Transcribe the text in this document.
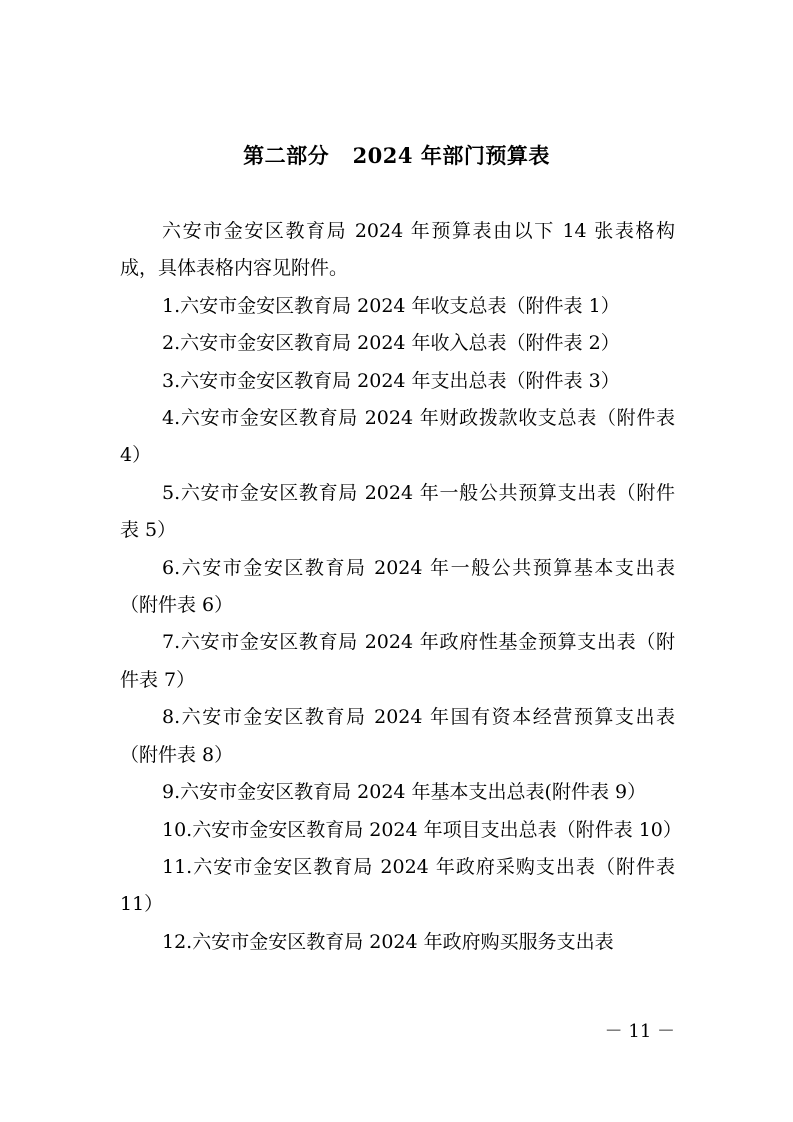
第二部分   2024 年部门预算表

六安市金安区教育局 2024 年预算表由以下 14 张表格构成，具体表格内容见附件。

1.六安市金安区教育局 2024 年收支总表（附件表 1）

2.六安市金安区教育局 2024 年收入总表（附件表 2）

3.六安市金安区教育局 2024 年支出总表（附件表 3）

4.六安市金安区教育局 2024 年财政拨款收支总表（附件表 4）

5.六安市金安区教育局 2024 年一般公共预算支出表（附件表 5）

6.六安市金安区教育局 2024 年一般公共预算基本支出表（附件表 6）

7.六安市金安区教育局 2024 年政府性基金预算支出表（附件表 7）

8.六安市金安区教育局 2024 年国有资本经营预算支出表（附件表 8）

9.六安市金安区教育局 2024 年基本支出总表(附件表 9）

10.六安市金安区教育局 2024 年项目支出总表（附件表 10）

11.六安市金安区教育局 2024 年政府采购支出表（附件表 11）

12.六安市金安区教育局 2024 年政府购买服务支出表

－ 11 －
